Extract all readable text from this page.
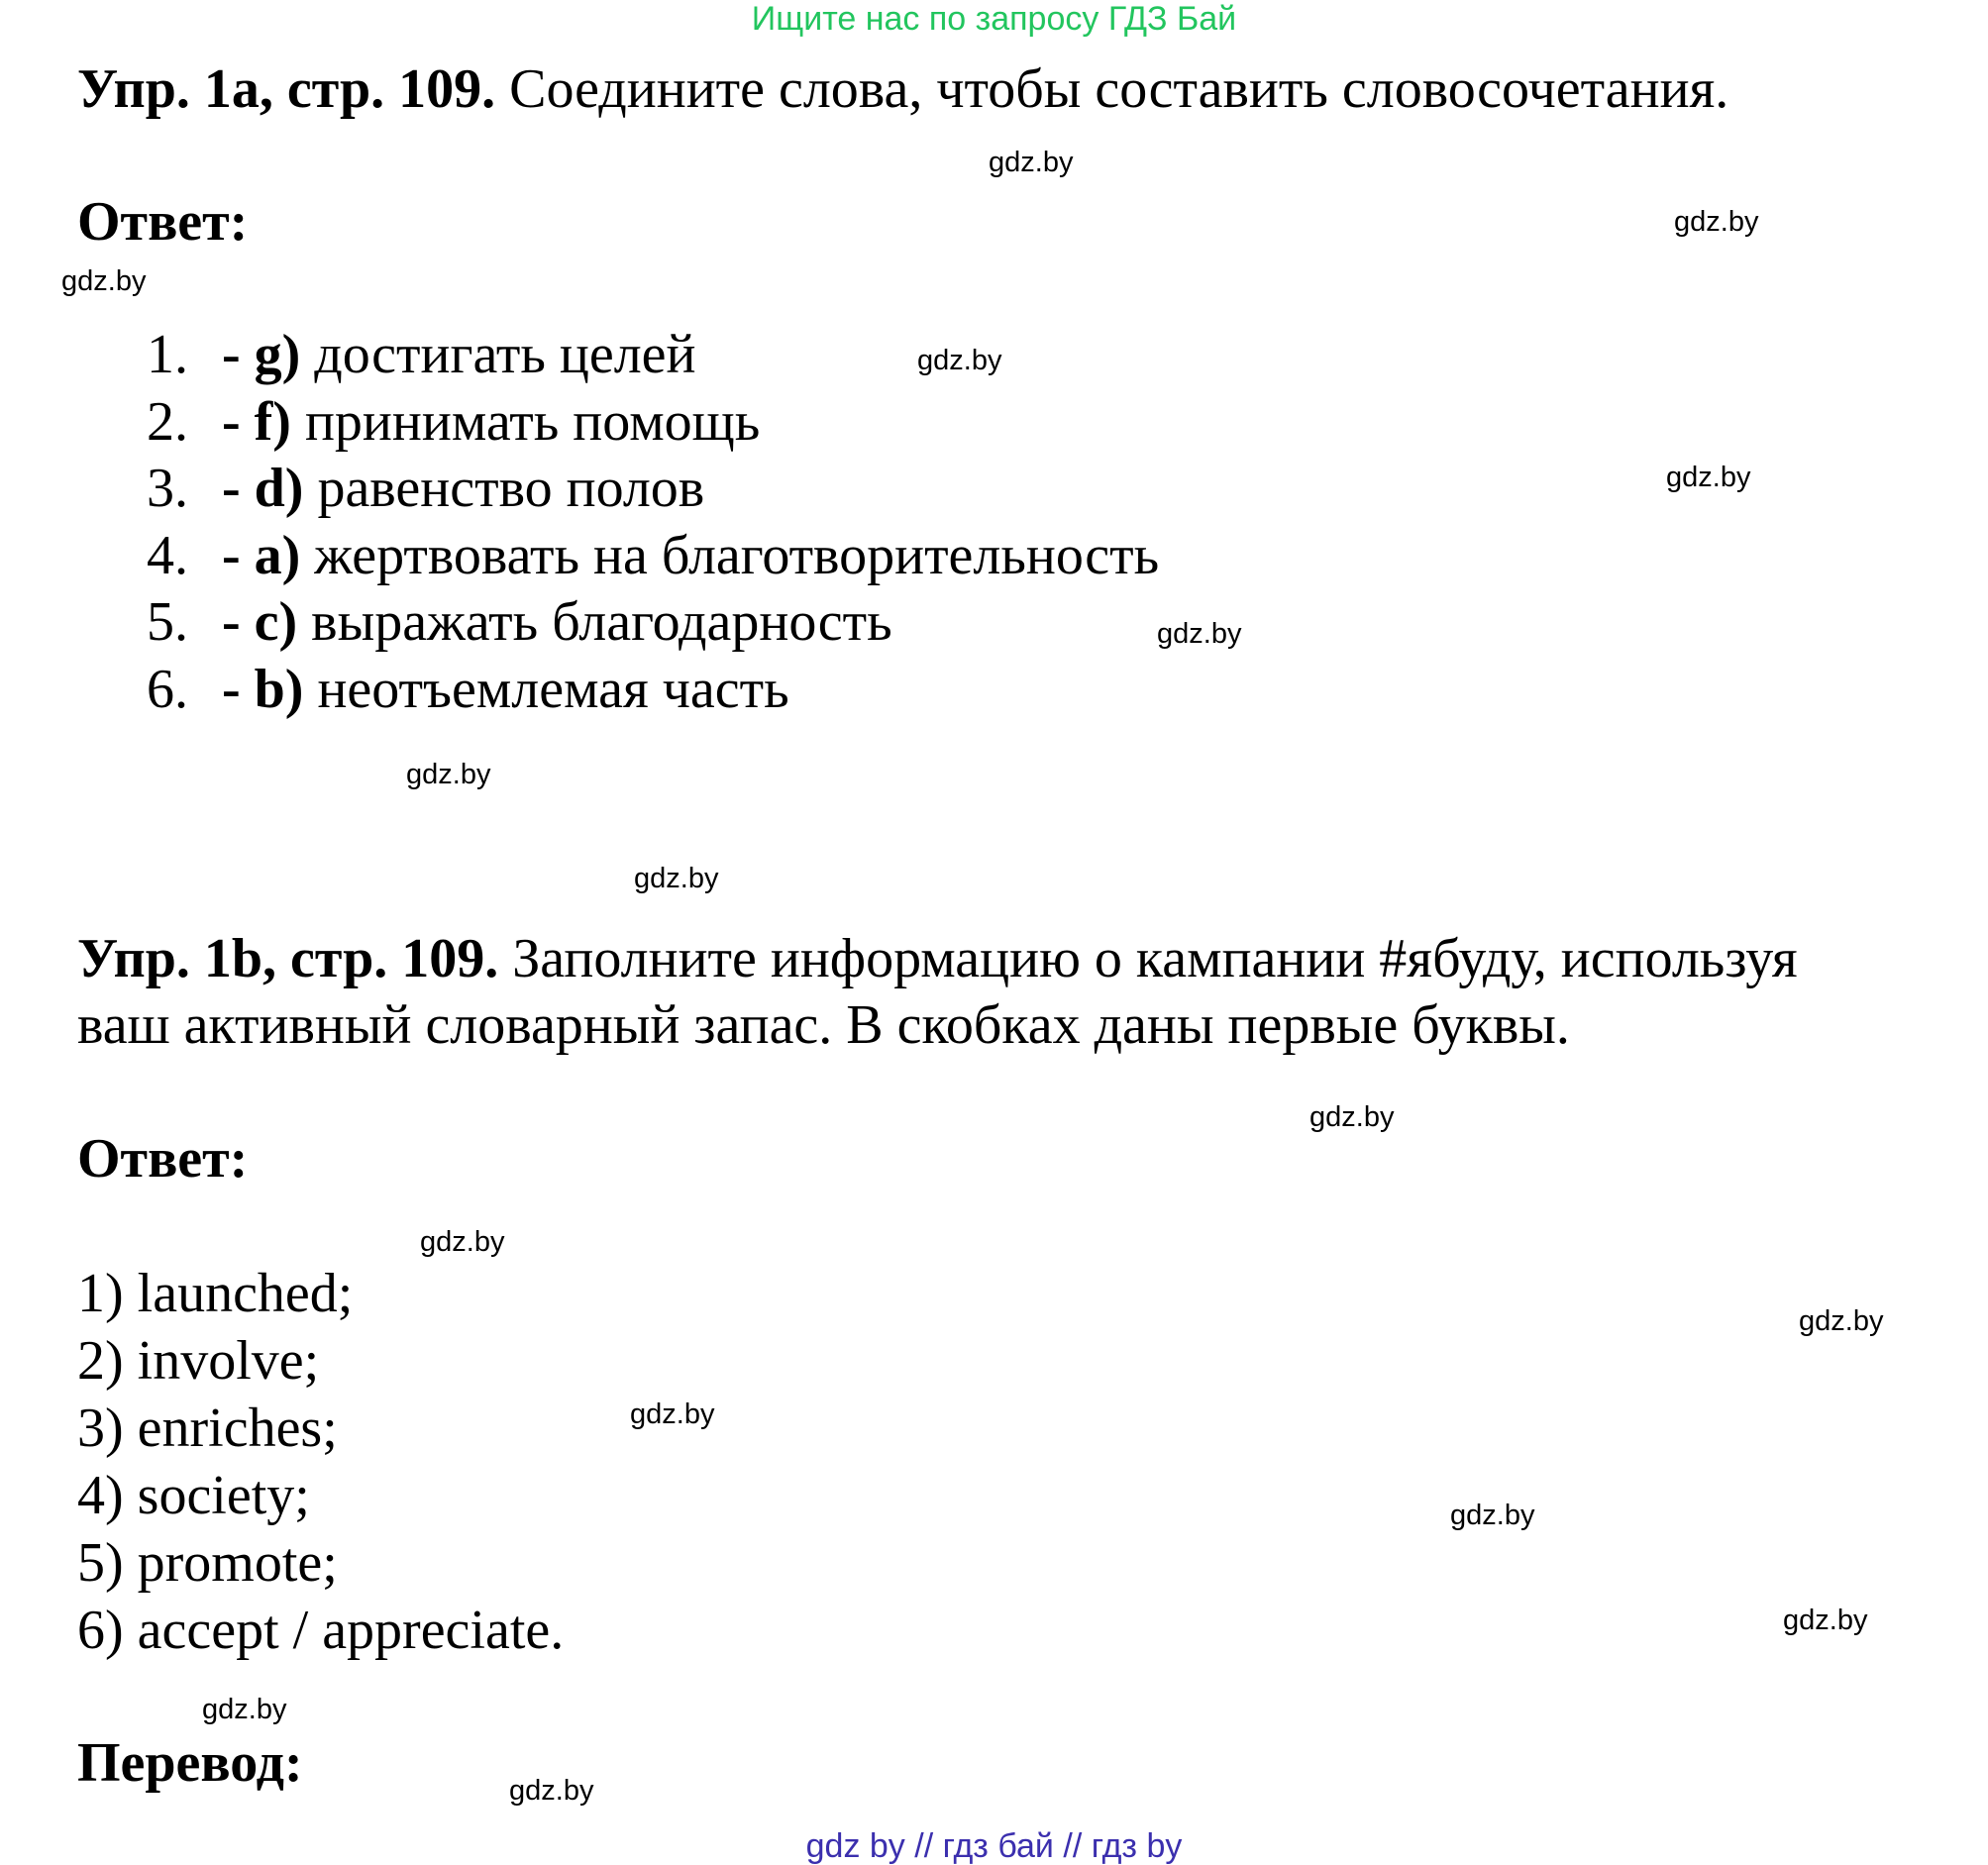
Ищите нас по запросу ГДЗ Бай
Упр. 1a, стр. 109. Соедините слова, чтобы составить словосочетания.
Ответ:
1. - g) достигать целей
2. - f) принимать помощь
3. - d) равенство полов
4. - a) жертвовать на благотворительность
5. - c) выражать благодарность
6. - b) неотъемлемая часть
Упр. 1b, стр. 109. Заполните информацию о кампании #ябуду, используя
ваш активный словарный запас. В скобках даны первые буквы.
Ответ:
1) launched;
2) involve;
3) enriches;
4) society;
5) promote;
6) accept / appreciate.
Перевод:
gdz.by
gdz.by
gdz.by
gdz.by
gdz.by
gdz.by
gdz.by
gdz.by
gdz.by
gdz.by
gdz.by
gdz.by
gdz.by
gdz.by
gdz.by
gdz.by
gdz by // гдз бай // гдз by
